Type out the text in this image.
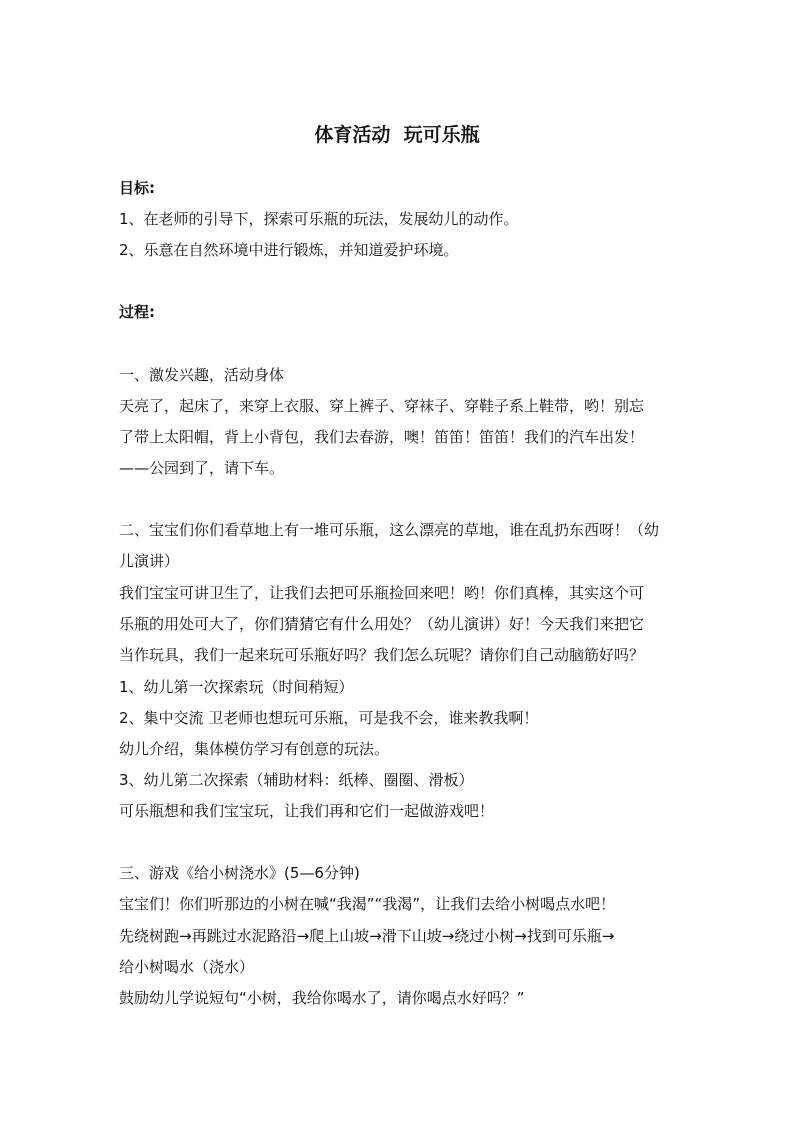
体育活动  玩可乐瓶
目标:
1、在老师的引导下，探索可乐瓶的玩法，发展幼儿的动作。
2、乐意在自然环境中进行锻炼，并知道爱护环境。
过程:
一、激发兴趣，活动身体
天亮了，起床了，来穿上衣服、穿上裤子、穿袜子、穿鞋子系上鞋带，哟！别忘
了带上太阳帽，背上小背包，我们去春游，噢！笛笛！笛笛！我们的汽车出发！
——公园到了，请下车。
二、宝宝们你们看草地上有一堆可乐瓶，这么漂亮的草地，谁在乱扔东西呀！（幼
儿演讲）
我们宝宝可讲卫生了，让我们去把可乐瓶捡回来吧！哟！你们真棒，其实这个可
乐瓶的用处可大了，你们猜猜它有什么用处？（幼儿演讲）好！今天我们来把它
当作玩具，我们一起来玩可乐瓶好吗？我们怎么玩呢？请你们自己动脑筋好吗？
1、幼儿第一次探索玩（时间稍短）
2、集中交流 卫老师也想玩可乐瓶，可是我不会，谁来教我啊！
幼儿介绍，集体模仿学习有创意的玩法。
3、幼儿第二次探索（辅助材料：纸棒、圈圈、滑板）
可乐瓶想和我们宝宝玩，让我们再和它们一起做游戏吧！
三、游戏《给小树浇水》(5—6分钟)
宝宝们！你们听那边的小树在喊“我渴”“我渴”，让我们去给小树喝点水吧！
先绕树跑→再跳过水泥路沿→爬上山坡→滑下山坡→绕过小树→找到可乐瓶→
给小树喝水（浇水）
鼓励幼儿学说短句“小树，我给你喝水了，请你喝点水好吗？”
